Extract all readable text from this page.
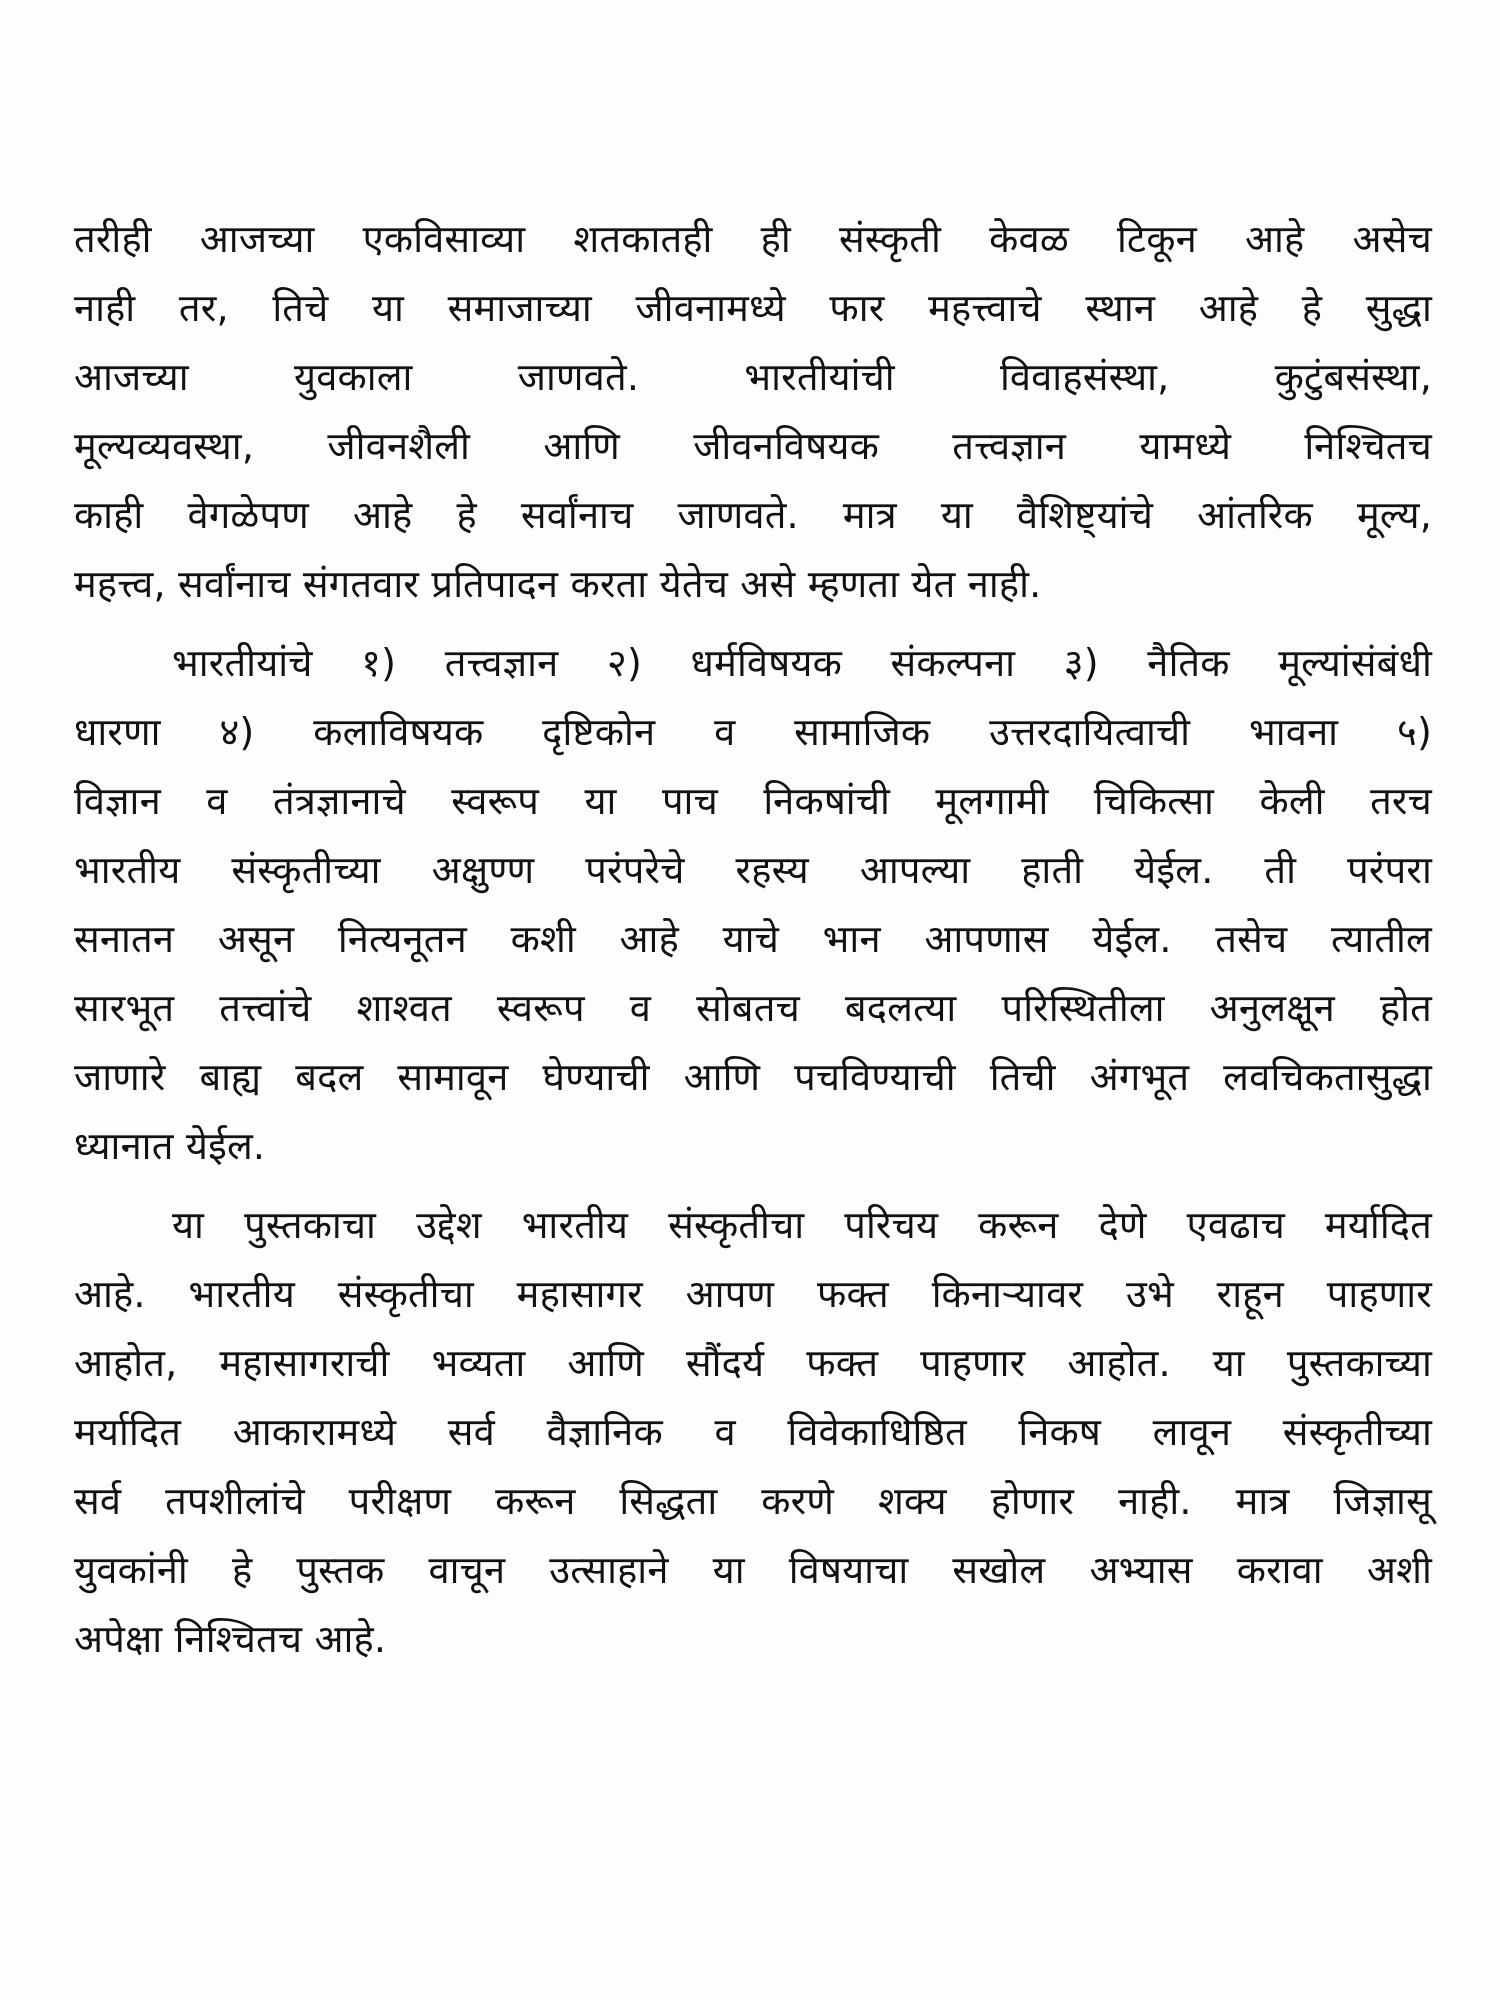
तरीही आजच्या एकविसाव्या शतकातही ही संस्कृती केवळ टिकून आहे असेच
नाही तर, तिचे या समाजाच्या जीवनामध्ये फार महत्त्वाचे स्थान आहे हे सुद्धा
आजच्या युवकाला जाणवते. भारतीयांची विवाहसंस्था, कुटुंबसंस्था,
मूल्यव्यवस्था, जीवनशैली आणि जीवनविषयक तत्त्वज्ञान यामध्ये निश्चितच
काही वेगळेपण आहे हे सर्वांनाच जाणवते. मात्र या वैशिष्ट्यांचे आंतरिक मूल्य,
महत्त्व, सर्वांनाच संगतवार प्रतिपादन करता येतेच असे म्हणता येत नाही.

भारतीयांचे १) तत्त्वज्ञान २) धर्मविषयक संकल्पना ३) नैतिक मूल्यांसंबंधी
धारणा ४) कलाविषयक दृष्टिकोन व सामाजिक उत्तरदायित्वाची भावना ५)
विज्ञान व तंत्रज्ञानाचे स्वरूप या पाच निकषांची मूलगामी चिकित्सा केली तरच
भारतीय संस्कृतीच्या अक्षुण्ण परंपरेचे रहस्य आपल्या हाती येईल. ती परंपरा
सनातन असून नित्यनूतन कशी आहे याचे भान आपणास येईल. तसेच त्यातील
सारभूत तत्त्वांचे शाश्वत स्वरूप व सोबतच बदलत्या परिस्थितीला अनुलक्षून होत
जाणारे बाह्य बदल सामावून घेण्याची आणि पचविण्याची तिची अंगभूत लवचिकतासुद्धा
ध्यानात येईल.

या पुस्तकाचा उद्देश भारतीय संस्कृतीचा परिचय करून देणे एवढाच मर्यादित
आहे. भारतीय संस्कृतीचा महासागर आपण फक्त किनाऱ्यावर उभे राहून पाहणार
आहोत, महासागराची भव्यता आणि सौंदर्य फक्त पाहणार आहोत. या पुस्तकाच्या
मर्यादित आकारामध्ये सर्व वैज्ञानिक व विवेकाधिष्ठित निकष लावून संस्कृतीच्या
सर्व तपशीलांचे परीक्षण करून सिद्धता करणे शक्य होणार नाही. मात्र जिज्ञासू
युवकांनी हे पुस्तक वाचून उत्साहाने या विषयाचा सखोल अभ्यास करावा अशी
अपेक्षा निश्चितच आहे.
